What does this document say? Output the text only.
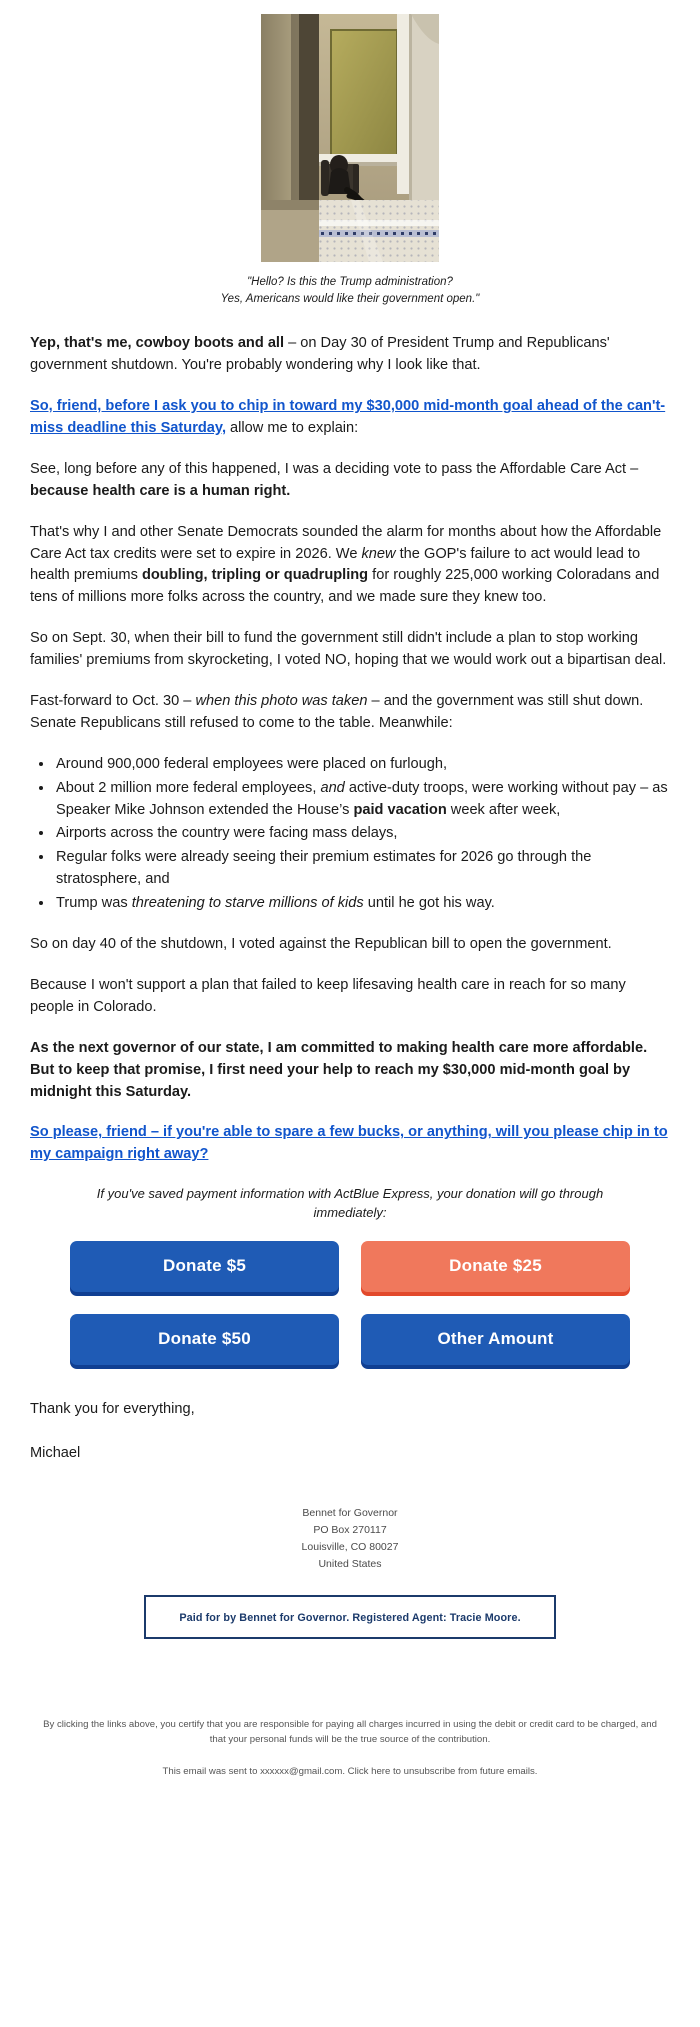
"Hello? Is this the Trump administration?
Yes, Americans would like their government open."

Yep, that's me, cowboy boots and all – on Day 30 of President Trump and Republicans' government shutdown. You're probably wondering why I look like that.

So, friend, before I ask you to chip in toward my $30,000 mid-month goal ahead of the can't-miss deadline this Saturday, allow me to explain:

See, long before any of this happened, I was a deciding vote to pass the Affordable Care Act – because health care is a human right.

That's why I and other Senate Democrats sounded the alarm for months about how the Affordable Care Act tax credits were set to expire in 2026. We knew the GOP's failure to act would lead to health premiums doubling, tripling or quadrupling for roughly 225,000 working Coloradans and tens of millions more folks across the country, and we made sure they knew too.

So on Sept. 30, when their bill to fund the government still didn't include a plan to stop working families' premiums from skyrocketing, I voted NO, hoping that we would work out a bipartisan deal.

Fast-forward to Oct. 30 – when this photo was taken – and the government was still shut down. Senate Republicans still refused to come to the table. Meanwhile:

• Around 900,000 federal employees were placed on furlough,
• About 2 million more federal employees, and active-duty troops, were working without pay – as Speaker Mike Johnson extended the House’s paid vacation week after week,
• Airports across the country were facing mass delays,
• Regular folks were already seeing their premium estimates for 2026 go through the stratosphere, and
• Trump was threatening to starve millions of kids until he got his way.

So on day 40 of the shutdown, I voted against the Republican bill to open the government.

Because I won't support a plan that failed to keep lifesaving health care in reach for so many people in Colorado.

As the next governor of our state, I am committed to making health care more affordable. But to keep that promise, I first need your help to reach my $30,000 mid-month goal by midnight this Saturday.

So please, friend – if you're able to spare a few bucks, or anything, will you please chip in to my campaign right away?

If you've saved payment information with ActBlue Express, your donation will go through immediately:
Donate $5	Donate $25
Donate $50	Other Amount

Thank you for everything,

Michael

Bennet for Governor
PO Box 270117
Louisville, CO 80027
United States
Paid for by Bennet for Governor. Registered Agent: Tracie Moore.
By clicking the links above, you certify that you are responsible for paying all charges incurred in using the debit or credit card to be charged, and that your personal funds will be the true source of the contribution.
This email was sent to xxxxxx@gmail.com. Click here to unsubscribe from future emails.
